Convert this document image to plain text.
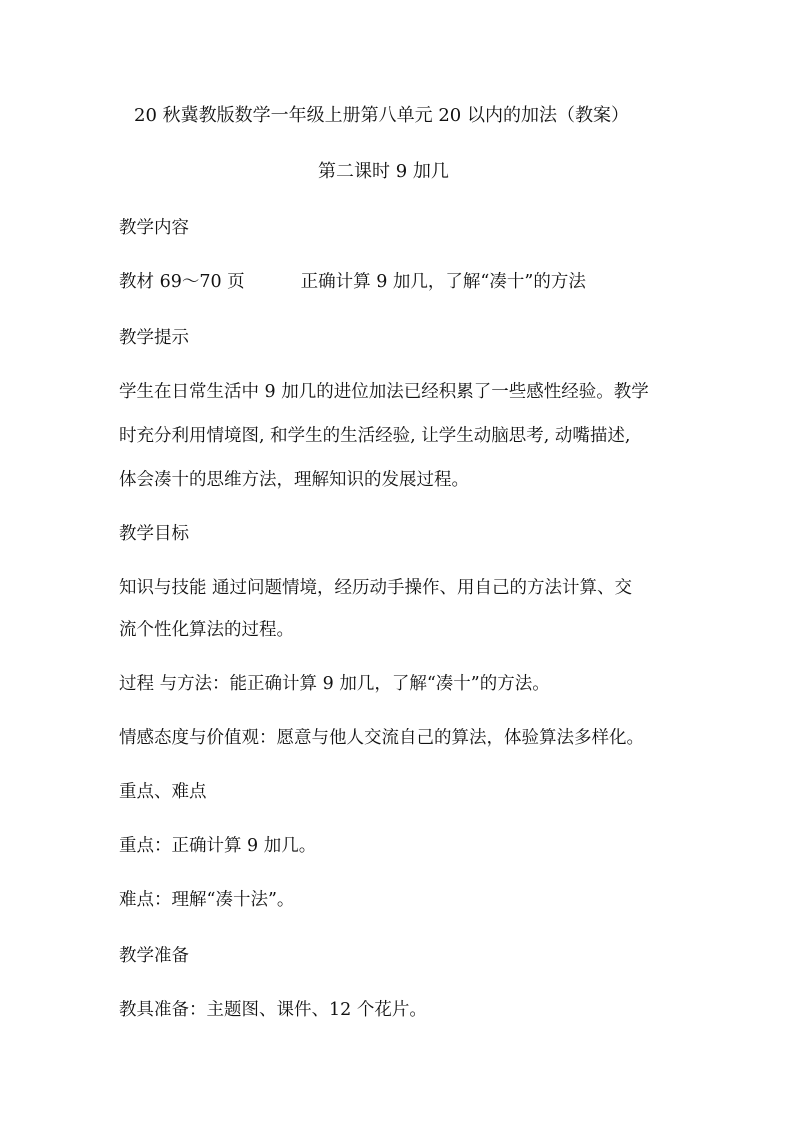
20 秋冀教版数学一年级上册第八单元 20 以内的加法（教案）
第二课时 9 加几
教学内容
教材 69～70 页	正确计算 9 加几，了解“凑十”的方法
教学提示
学生在日常生活中 9 加几的进位加法已经积累了一些感性经验。教学
时充分利用情境图, 和学生的生活经验, 让学生动脑思考, 动嘴描述,
体会凑十的思维方法，理解知识的发展过程。
教学目标
知识与技能 通过问题情境，经历动手操作、用自己的方法计算、交
流个性化算法的过程。
过程 与方法：能正确计算 9 加几，了解“凑十”的方法。
情感态度与价值观：愿意与他人交流自己的算法，体验算法多样化。
重点、难点
重点：正确计算 9 加几。
难点：理解“凑十法”。
教学准备
教具准备：主题图、课件、12 个花片。
